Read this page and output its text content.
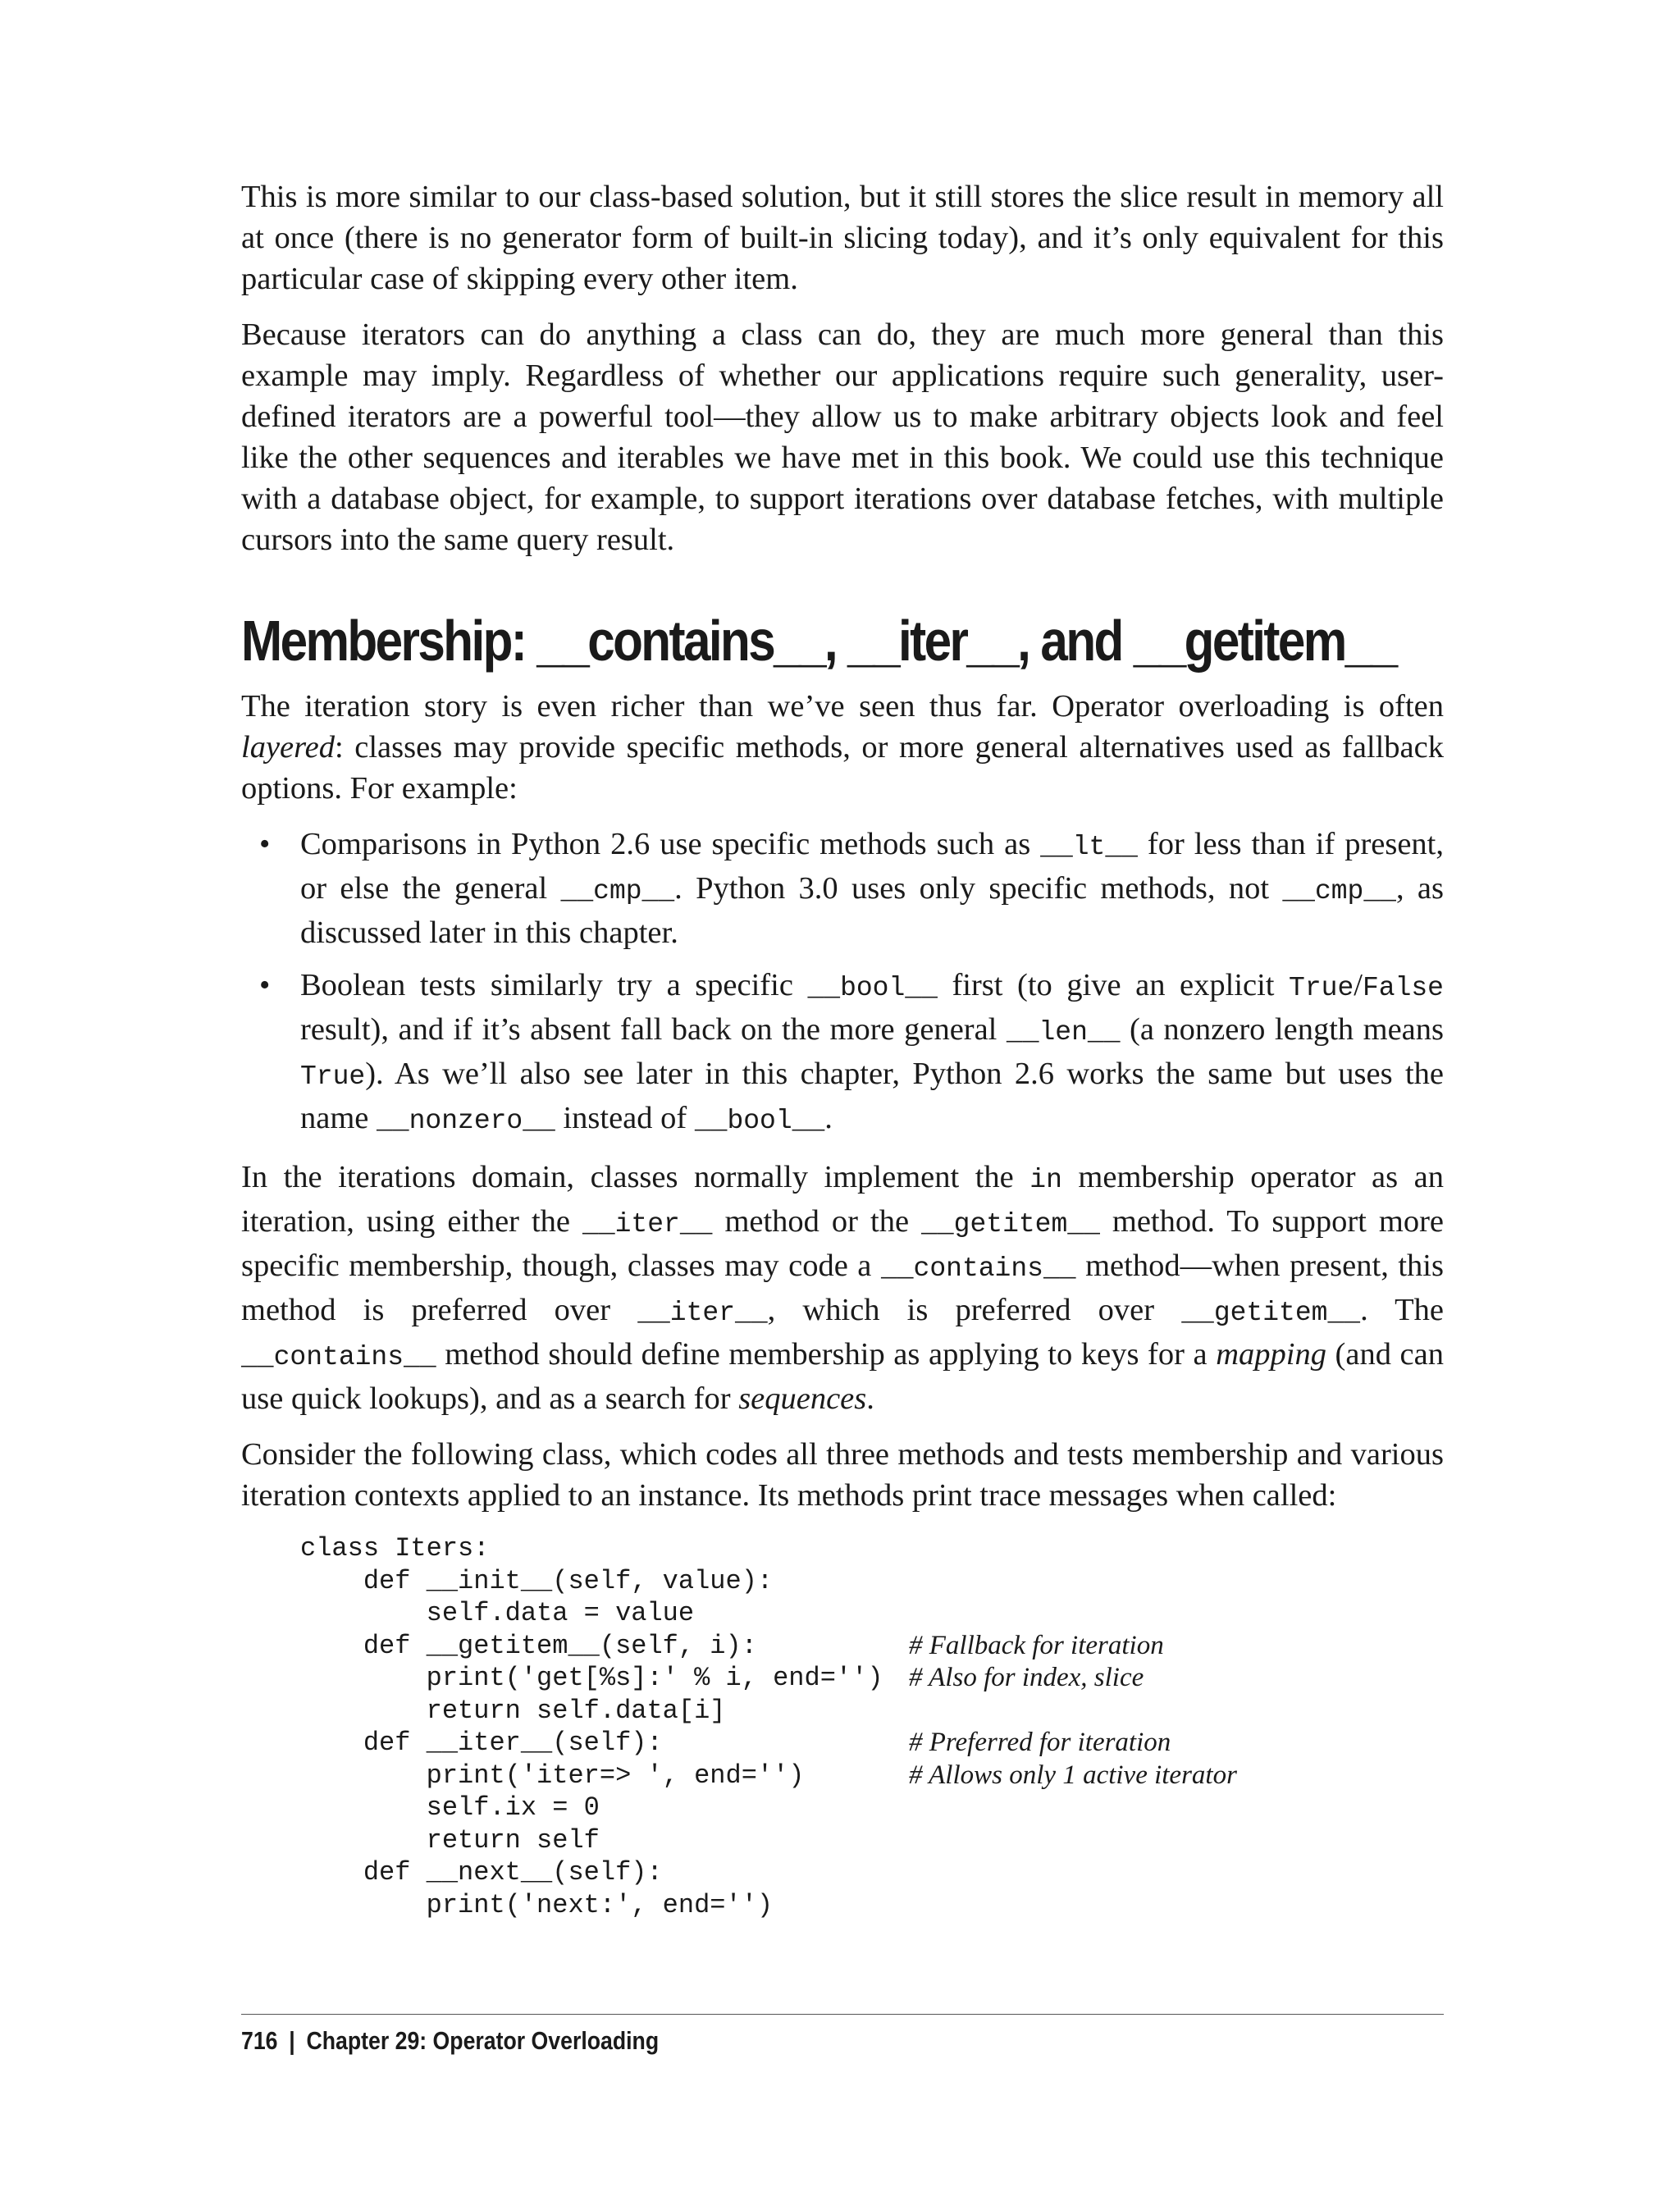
This is more similar to our class-based solution, but it still stores the slice result in memory all at once (there is no generator form of built-in slicing today), and it’s only equivalent for this particular case of skipping every other item.

Because iterators can do anything a class can do, they are much more general than this example may imply. Regardless of whether our applications require such generality, user-defined iterators are a powerful tool—they allow us to make arbitrary objects look and feel like the other sequences and iterables we have met in this book. We could use this technique with a database object, for example, to support iterations over database fetches, with multiple cursors into the same query result.

Membership: __contains__, __iter__, and __getitem__

The iteration story is even richer than we’ve seen thus far. Operator overloading is often layered: classes may provide specific methods, or more general alternatives used as fallback options. For example:

• Comparisons in Python 2.6 use specific methods such as __lt__ for less than if present, or else the general __cmp__. Python 3.0 uses only specific methods, not __cmp__, as discussed later in this chapter.
• Boolean tests similarly try a specific __bool__ first (to give an explicit True/False result), and if it’s absent fall back on the more general __len__ (a nonzero length means True). As we’ll also see later in this chapter, Python 2.6 works the same but uses the name __nonzero__ instead of __bool__.

In the iterations domain, classes normally implement the in membership operator as an iteration, using either the __iter__ method or the __getitem__ method. To support more specific membership, though, classes may code a __contains__ method—when present, this method is preferred over __iter__, which is preferred over __getitem__. The __contains__ method should define membership as applying to keys for a mapping (and can use quick lookups), and as a search for sequences.

Consider the following class, which codes all three methods and tests membership and various iteration contexts applied to an instance. Its methods print trace messages when called:

class Iters:
def __init__(self, value):
self.data = value
def __getitem__(self, i):	# Fallback for iteration
print('get[%s]:' % i, end='') # Also for index, slice
return self.data[i]
def __iter__(self):	# Preferred for iteration
print('iter=> ', end='')	# Allows only 1 active iterator
self.ix = 0
return self
def __next__(self):
print('next:', end='')
716 | Chapter 29: Operator Overloading
